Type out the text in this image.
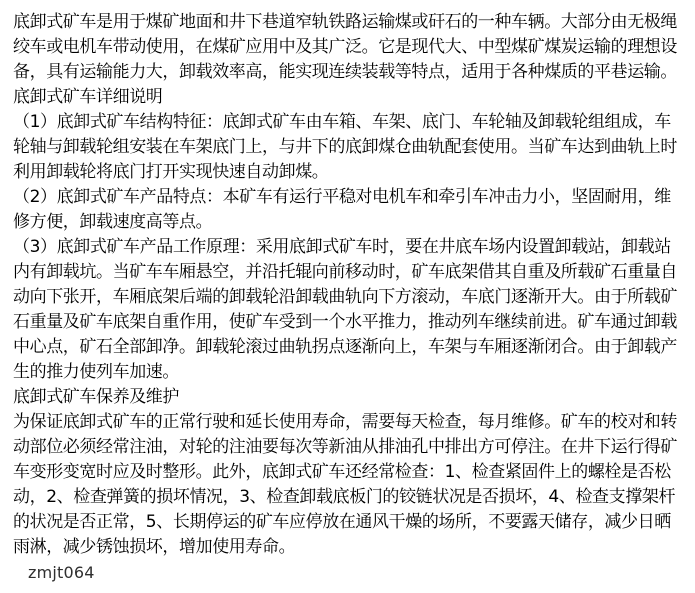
底卸式矿车是用于煤矿地面和井下巷道窄轨铁路运输煤或矸石的一种车辆。大部分由无极绳
绞车或电机车带动使用，在煤矿应用中及其广泛。它是现代大、中型煤矿煤炭运输的理想设
备，具有运输能力大，卸载效率高，能实现连续装载等特点，适用于各种煤质的平巷运输。
底卸式矿车详细说明
（1）底卸式矿车结构特征：底卸式矿车由车箱、车架、底门、车轮轴及卸载轮组组成，车
轮轴与卸载轮组安装在车架底门上，与井下的底卸煤仓曲轨配套使用。当矿车达到曲轨上时
利用卸载轮将底门打开实现快速自动卸煤。
（2）底卸式矿车产品特点：本矿车有运行平稳对电机车和牵引车冲击力小，坚固耐用，维
修方便，卸载速度高等点。
（3）底卸式矿车产品工作原理：采用底卸式矿车时，要在井底车场内设置卸载站，卸载站
内有卸载坑。当矿车车厢悬空，并沿托辊向前移动时，矿车底架借其自重及所载矿石重量自
动向下张开，车厢底架后端的卸载轮沿卸载曲轨向下方滚动，车底门逐渐开大。由于所载矿
石重量及矿车底架自重作用，使矿车受到一个水平推力，推动列车继续前进。矿车通过卸载
中心点，矿石全部卸净。卸载轮滚过曲轨拐点逐渐向上，车架与车厢逐渐闭合。由于卸载产
生的推力使列车加速。
底卸式矿车保养及维护
为保证底卸式矿车的正常行驶和延长使用寿命，需要每天检查，每月维修。矿车的校对和转
动部位必须经常注油，对轮的注油要每次等新油从排油孔中排出方可停注。在井下运行得矿
车变形变宽时应及时整形。此外，底卸式矿车还经常检查：1、检查紧固件上的螺栓是否松
动，2、检查弹簧的损坏情况，3、检查卸载底板门的铰链状况是否损坏，4、检查支撑架杆
的状况是否正常，5、长期停运的矿车应停放在通风干燥的场所，不要露天储存，减少日晒
雨淋，减少锈蚀损坏，增加使用寿命。
zmjt064
